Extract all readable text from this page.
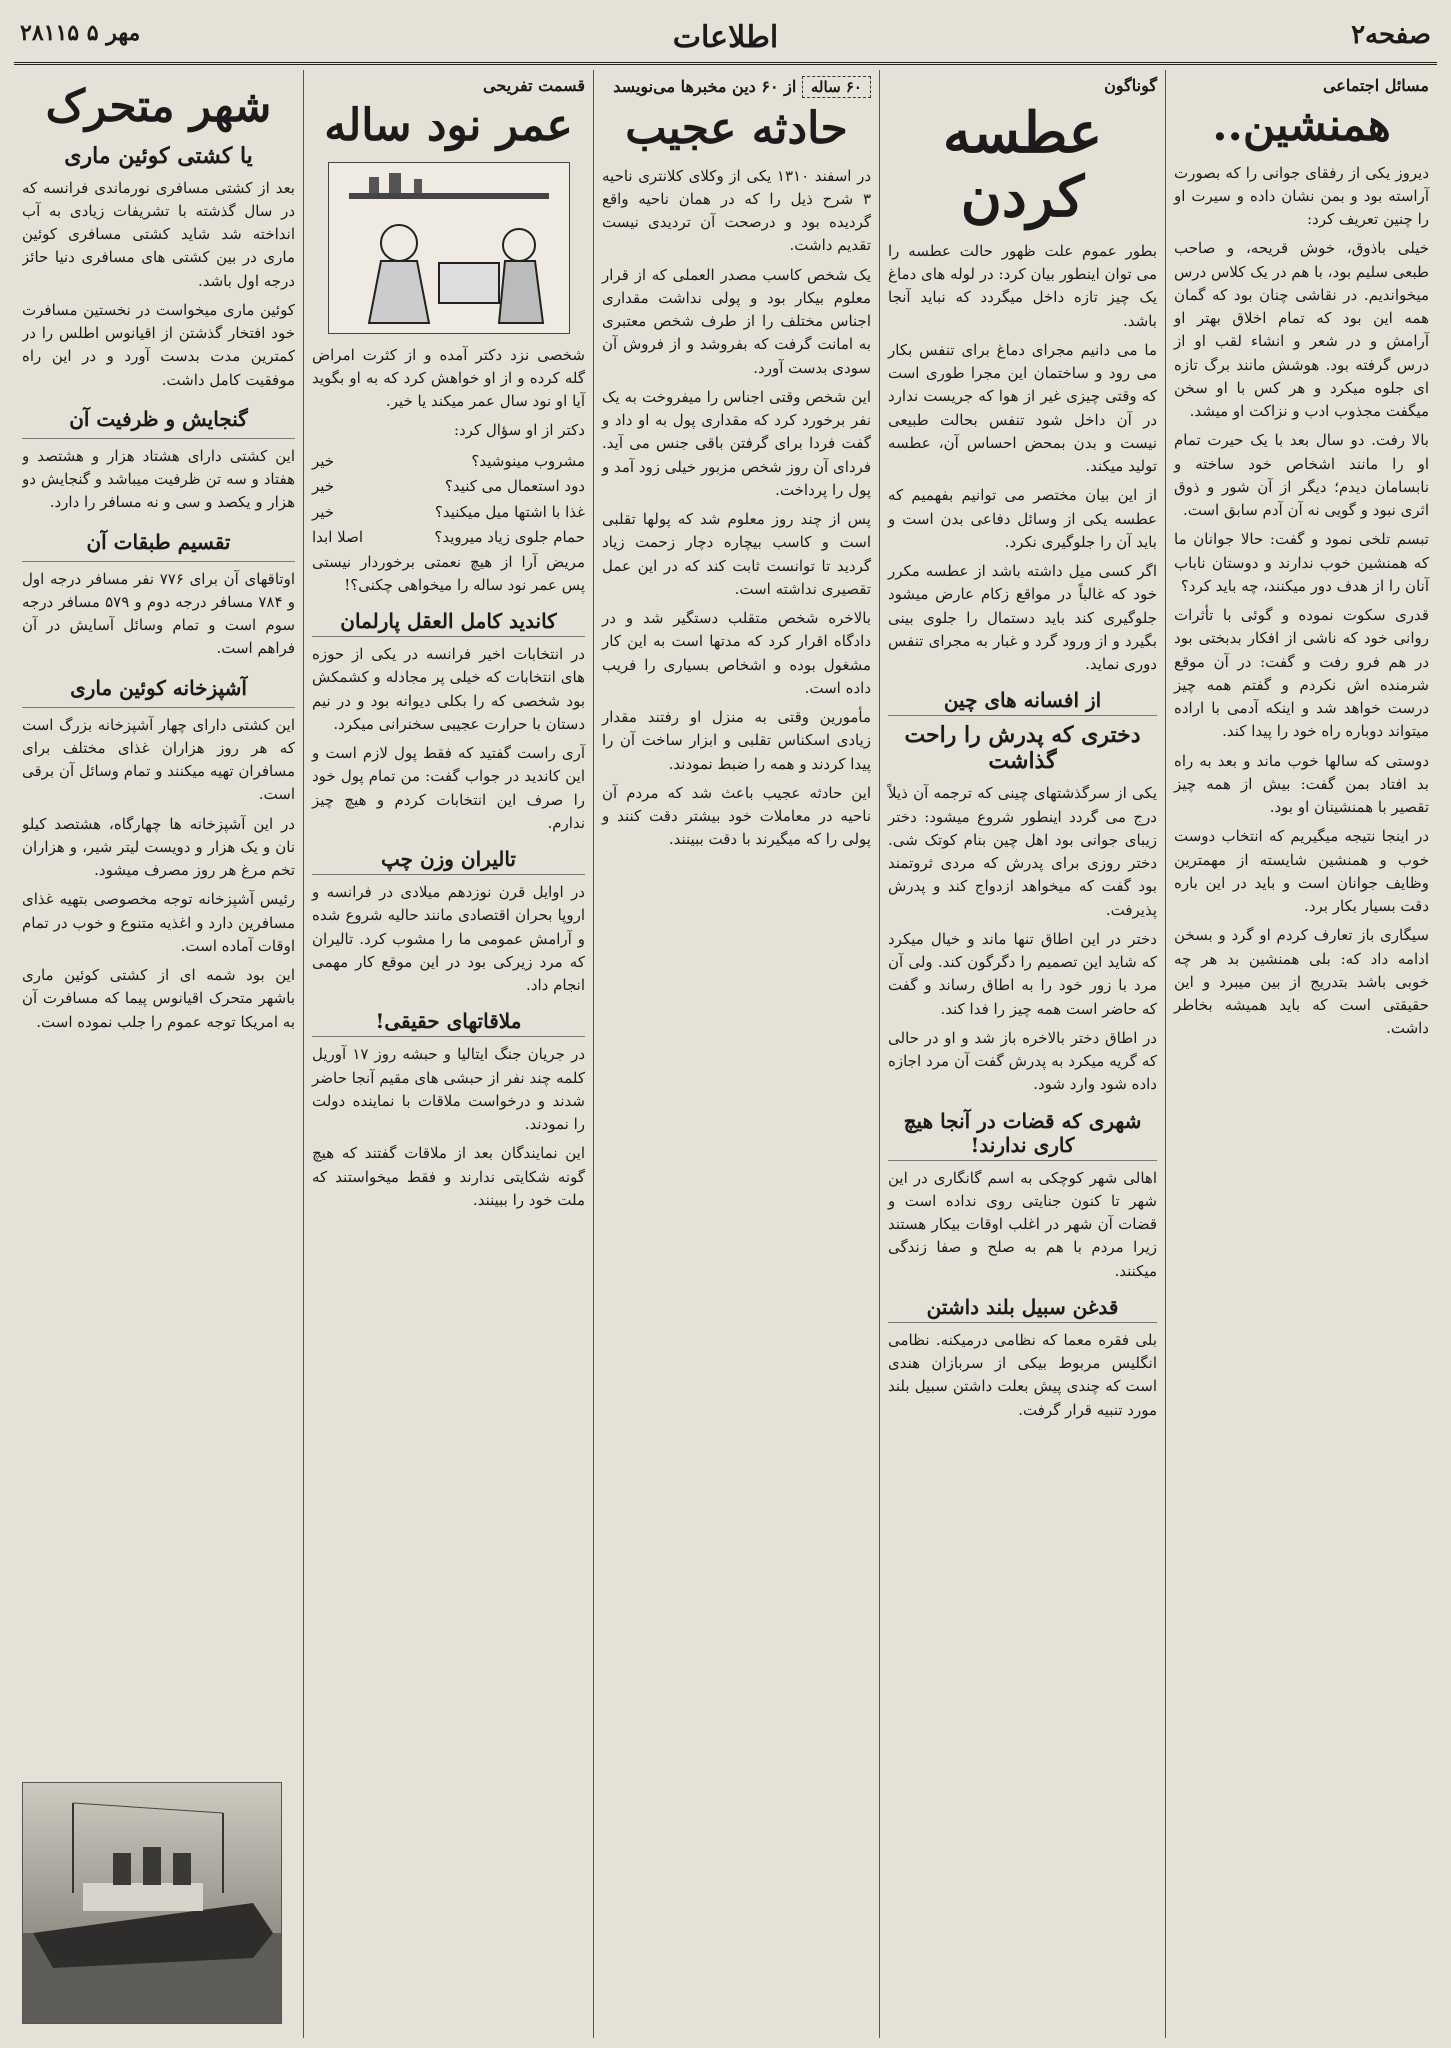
صفحه۲
اطلاعات
۲۸۱۱۵ ۵ مهر
مسائل اجتماعی
همنشین..

دیروز یکی از رفقای جوانی را که بصورت آراسته بود و بمن نشان داده و سیرت او را چنین تعریف کرد:

خیلی باذوق، خوش قریحه، و صاحب طبعی سلیم بود، با هم در یک کلاس درس میخواندیم. در نقاشی چنان بود که گمان همه این بود که تمام اخلاق بهتر او آرامش و در شعر و انشاء لقب او از درس گرفته بود. هوشش مانند برگ تازه ای جلوه میکرد و هر کس با او سخن میگفت مجذوب ادب و نزاکت او میشد.

بالا رفت. دو سال بعد با یک حیرت تمام او را مانند اشخاص خود ساخته و نابسامان دیدم؛ دیگر از آن شور و ذوق اثری نبود و گویی نه آن آدم سابق است.

تبسم تلخی نمود و گفت: حالا جوانان ما که همنشین خوب ندارند و دوستان ناباب آنان را از هدف دور میکنند، چه باید کرد؟

قدری سکوت نموده و گوئی با تأثرات روانی خود که ناشی از افکار بدبختی بود در هم فرو رفت و گفت: در آن موقع شرمنده اش نکردم و گفتم همه چیز درست خواهد شد و اینکه آدمی با اراده میتواند دوباره راه خود را پیدا کند.

دوستی که سالها خوب ماند و بعد به راه بد افتاد بمن گفت: بیش از همه چیز تقصیر با همنشینان او بود.

در اینجا نتیجه میگیریم که انتخاب دوست خوب و همنشین شایسته از مهمترین وظایف جوانان است و باید در این باره دقت بسیار بکار برد.

سیگاری باز تعارف کردم او گرد و بسخن ادامه داد که: بلی همنشین بد هر چه خوبی باشد بتدریج از بین میبرد و این حقیقتی است که باید همیشه بخاطر داشت.

گوناگون
عطسه کردن

بطور عموم علت ظهور حالت عطسه را می توان اینطور بیان کرد: در لوله های دماغ یک چیز تازه داخل میگردد که نباید آنجا باشد.

ما می دانیم مجرای دماغ برای تنفس بکار می رود و ساختمان این مجرا طوری است که وقتی چیزی غیر از هوا که جریست ندارد در آن داخل شود تنفس بحالت طبیعی نیست و بدن بمحض احساس آن، عطسه تولید میکند.

از این بیان مختصر می توانیم بفهمیم که عطسه یکی از وسائل دفاعی بدن است و باید آن را جلوگیری نکرد.

اگر کسی میل داشته باشد از عطسه مکرر خود که غالباً در مواقع زکام عارض میشود جلوگیری کند باید دستمال را جلوی بینی بگیرد و از ورود گرد و غبار به مجرای تنفس دوری نماید.

از افسانه های چین
دختری که پدرش را راحت گذاشت

یکی از سرگذشتهای چینی که ترجمه آن ذیلاً درج می گردد اینطور شروع میشود: دختر زیبای جوانی بود اهل چین بنام کوتک شی. دختر روزی برای پدرش که مردی ثروتمند بود گفت که میخواهد ازدواج کند و پدرش پذیرفت.

دختر در این اطاق تنها ماند و خیال میکرد که شاید این تصمیم را دگرگون کند. ولی آن مرد با زور خود را به اطاق رساند و گفت که حاضر است همه چیز را فدا کند.

در اطاق دختر بالاخره باز شد و او در حالی که گریه میکرد به پدرش گفت آن مرد اجازه داده شود وارد شود.

شهری که قضات در آنجا هیچ کاری ندارند!

اهالی شهر کوچکی به اسم گانگاری در این شهر تا کنون جنایتی روی نداده است و قضات آن شهر در اغلب اوقات بیکار هستند زیرا مردم با هم به صلح و صفا زندگی میکنند.

قدغن سبیل بلند داشتن

بلی فقره معما که نظامی درمیکنه. نظامی انگلیس مربوط بیکی از سربازان هندی است که چندی پیش بعلت داشتن سبیل بلند مورد تنبیه قرار گرفت.

۶۰ ساله از ۶۰ دین مخبرها می‌نویسد
حادثه عجیب

در اسفند ۱۳۱۰ یکی از وکلای کلانتری ناحیه ۳ شرح ذیل را که در همان ناحیه واقع گردیده بود و درصحت آن تردیدی نیست تقدیم داشت.

یک شخص کاسب مصدر العملی که از قرار معلوم بیکار بود و پولی نداشت مقداری اجناس مختلف را از طرف شخص معتبری به امانت گرفت که بفروشد و از فروش آن سودی بدست آورد.

این شخص وقتی اجناس را میفروخت به یک نفر برخورد کرد که مقداری پول به او داد و گفت فردا برای گرفتن باقی جنس می آید. فردای آن روز شخص مزبور خیلی زود آمد و پول را پرداخت.

پس از چند روز معلوم شد که پولها تقلبی است و کاسب بیچاره دچار زحمت زیاد گردید تا توانست ثابت کند که در این عمل تقصیری نداشته است.

بالاخره شخص متقلب دستگیر شد و در دادگاه اقرار کرد که مدتها است به این کار مشغول بوده و اشخاص بسیاری را فریب داده است.

مأمورین وقتی به منزل او رفتند مقدار زیادی اسکناس تقلبی و ابزار ساخت آن را پیدا کردند و همه را ضبط نمودند.

این حادثه عجیب باعث شد که مردم آن ناحیه در معاملات خود بیشتر دقت کنند و پولی را که میگیرند با دقت ببینند.

قسمت تفریحی
عمر نود ساله

شخصی نزد دکتر آمده و از کثرت امراض گله کرده و از او خواهش کرد که به او بگوید آیا او نود سال عمر میکند یا خیر.

دکتر از او سؤال کرد:

مشروب مینوشید؟
خیر
دود استعمال می کنید؟
خیر
غذا با اشتها میل میکنید؟
خیر
حمام جلوی زیاد میروید؟
اصلا ابدا

مریض آرا از هیچ نعمتی برخوردار نیستی پس عمر نود ساله را میخواهی چکنی؟!

کاندید کامل العقل پارلمان

در انتخابات اخیر فرانسه در یکی از حوزه های انتخابات که خیلی پر مجادله و کشمکش بود شخصی که را بکلی دیوانه بود و در نیم دستان با حرارت عجیبی سخنرانی میکرد.

آری راست گفتید که فقط پول لازم است و این کاندید در جواب گفت: من تمام پول خود را صرف این انتخابات کردم و هیچ چیز ندارم.

تالیران وزن چپ

در اوایل قرن نوزدهم میلادی در فرانسه و اروپا بحران اقتصادی مانند حالیه شروع شده و آرامش عمومی ما را مشوب کرد. تالیران که مرد زیرکی بود در این موقع کار مهمی انجام داد.

ملاقاتهای حقیقی!

در جریان جنگ ایتالیا و حبشه روز ۱۷ آوریل کلمه چند نفر از حبشی های مقیم آنجا حاضر شدند و درخواست ملاقات با نماینده دولت را نمودند.

این نمایندگان بعد از ملاقات گفتند که هیچ گونه شکایتی ندارند و فقط میخواستند که ملت خود را ببینند.

شهر متحرک
یا کشتی کوئین ماری

بعد از کشتی مسافری نورماندی فرانسه که در سال گذشته با تشریفات زیادی به آب انداخته شد شاید کشتی مسافری کوئین ماری در بین کشتی های مسافری دنیا حائز درجه اول باشد.

کوئین ماری میخواست در نخستین مسافرت خود افتخار گذشتن از اقیانوس اطلس را در کمترین مدت بدست آورد و در این راه موفقیت کامل داشت.

گنجایش و ظرفیت آن

این کشتی دارای هشتاد هزار و هشتصد و هفتاد و سه تن ظرفیت میباشد و گنجایش دو هزار و یکصد و سی و نه مسافر را دارد.

تقسیم طبقات آن

اوتاقهای آن برای ۷۷۶ نفر مسافر درجه اول و ۷۸۴ مسافر درجه دوم و ۵۷۹ مسافر درجه سوم است و تمام وسائل آسایش در آن فراهم است.

آشپزخانه کوئین ماری

این کشتی دارای چهار آشپزخانه بزرگ است که هر روز هزاران غذای مختلف برای مسافران تهیه میکنند و تمام وسائل آن برقی است.

در این آشپزخانه ها چهارگاه، هشتصد کیلو نان و یک هزار و دویست لیتر شیر، و هزاران تخم مرغ هر روز مصرف میشود.

رئیس آشپزخانه توجه مخصوصی بتهیه غذای مسافرین دارد و اغذیه متنوع و خوب در تمام اوقات آماده است.

این بود شمه ای از کشتی کوئین ماری باشهر متحرک اقیانوس پیما که مسافرت آن به امریکا توجه عموم را جلب نموده است.
